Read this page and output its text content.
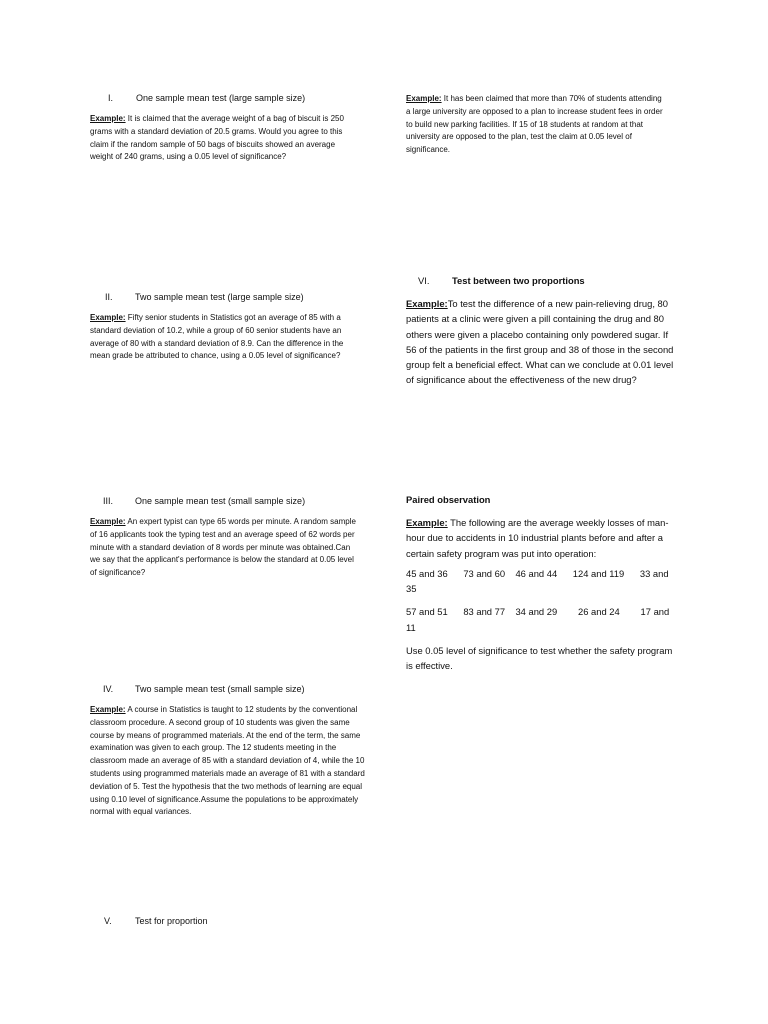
I.	One sample mean test (large sample size)

Example: It is claimed that the average weight of a bag of biscuit is 250 grams with a standard deviation of 20.5 grams. Would you agree to this claim if the random sample of 50 bags of biscuits showed an average weight of 240 grams, using a 0.05 level of significance?

II.	Two sample mean test (large sample size)

Example: Fifty senior students in Statistics got an average of 85 with a standard deviation of 10.2, while a group of 60 senior students have an average of 80 with a standard deviation of 8.9. Can the difference in the mean grade be attributed to chance, using a 0.05 level of significance?

III.	One sample mean test (small sample size)

Example: An expert typist can type 65 words per minute. A random sample of 16 applicants took the typing test and an average speed of 62 words per minute with a standard deviation of 8 words per minute was obtained.Can we say that the applicant's performance is below the standard at 0.05 level of significance?

IV.	Two sample mean test (small sample size)

Example: A course in Statistics is taught to 12 students by the conventional classroom procedure. A second group of 10 students was given the same course by means of programmed materials. At the end of the term, the same examination was given to each group. The 12 students meeting in the classroom made an average of 85 with a standard deviation of 4, while the 10 students using programmed materials made an average of 81 with a standard deviation of 5. Test the hypothesis that the two methods of learning are equal using 0.10 level of significance.Assume the populations to be approximately normal with equal variances.

V.	Test for proportion

Example: It has been claimed that more than 70% of students attending a large university are opposed to a plan to increase student fees in order to build new parking facilities. If 15 of 18 students at random at that university are opposed to the plan, test the claim at 0.05 level of significance.

VI.	Test between two proportions

Example:To test the difference of a new pain-relieving drug, 80 patients at a clinic were given a pill containing the drug and 80 others were given a placebo containing only powdered sugar. If 56 of the patients in the first group and 38 of those in the second group felt a beneficial effect. What can we conclude at 0.01 level of significance about the effectiveness of the new drug?

Paired observation

Example: The following are the average weekly losses of man-hour due to accidents in 10 industrial plants before and after a certain safety program was put into operation:

45 and 36      73 and 60    46 and 44      124 and 119      33 and 35

57 and 51      83 and 77    34 and 29        26 and 24        17 and 11

Use 0.05 level of significance to test whether the safety program is effective.
